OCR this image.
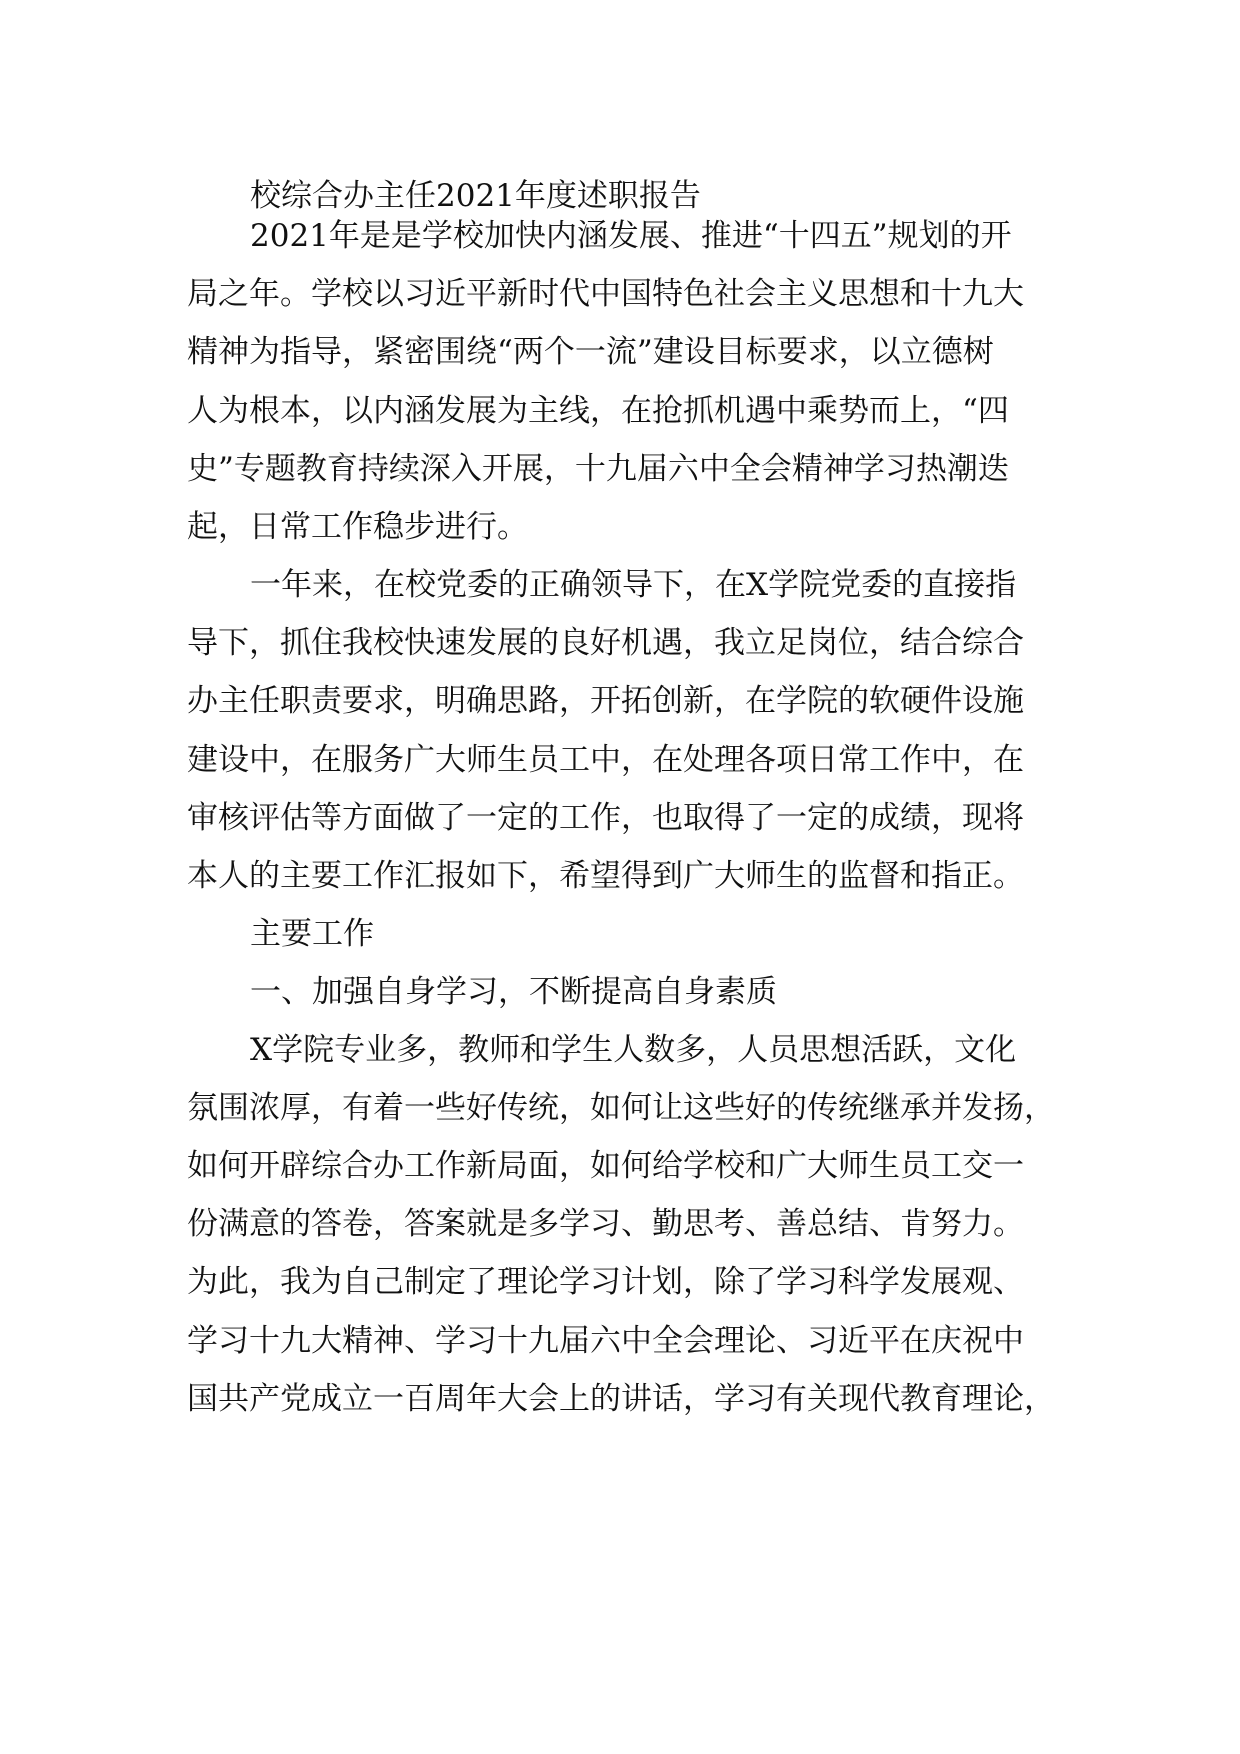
校综合办主任2021年度述职报告

2021年是是学校加快内涵发展、推进“十四五”规划的开

局之年。学校以习近平新时代中国特色社会主义思想和十九大

精神为指导，紧密围绕“两个一流”建设目标要求，以立德树

人为根本，以内涵发展为主线，在抢抓机遇中乘势而上，“四

史”专题教育持续深入开展，十九届六中全会精神学习热潮迭

起，日常工作稳步进行。

一年来，在校党委的正确领导下，在X学院党委的直接指

导下，抓住我校快速发展的良好机遇，我立足岗位，结合综合

办主任职责要求，明确思路，开拓创新，在学院的软硬件设施

建设中，在服务广大师生员工中，在处理各项日常工作中，在

审核评估等方面做了一定的工作，也取得了一定的成绩，现将

本人的主要工作汇报如下，希望得到广大师生的监督和指正。

主要工作

一、加强自身学习，不断提高自身素质

X学院专业多，教师和学生人数多，人员思想活跃，文化

氛围浓厚，有着一些好传统，如何让这些好的传统继承并发扬，

如何开辟综合办工作新局面，如何给学校和广大师生员工交一

份满意的答卷，答案就是多学习、勤思考、善总结、肯努力。

为此，我为自己制定了理论学习计划，除了学习科学发展观、

学习十九大精神、学习十九届六中全会理论、习近平在庆祝中

国共产党成立一百周年大会上的讲话，学习有关现代教育理论，
